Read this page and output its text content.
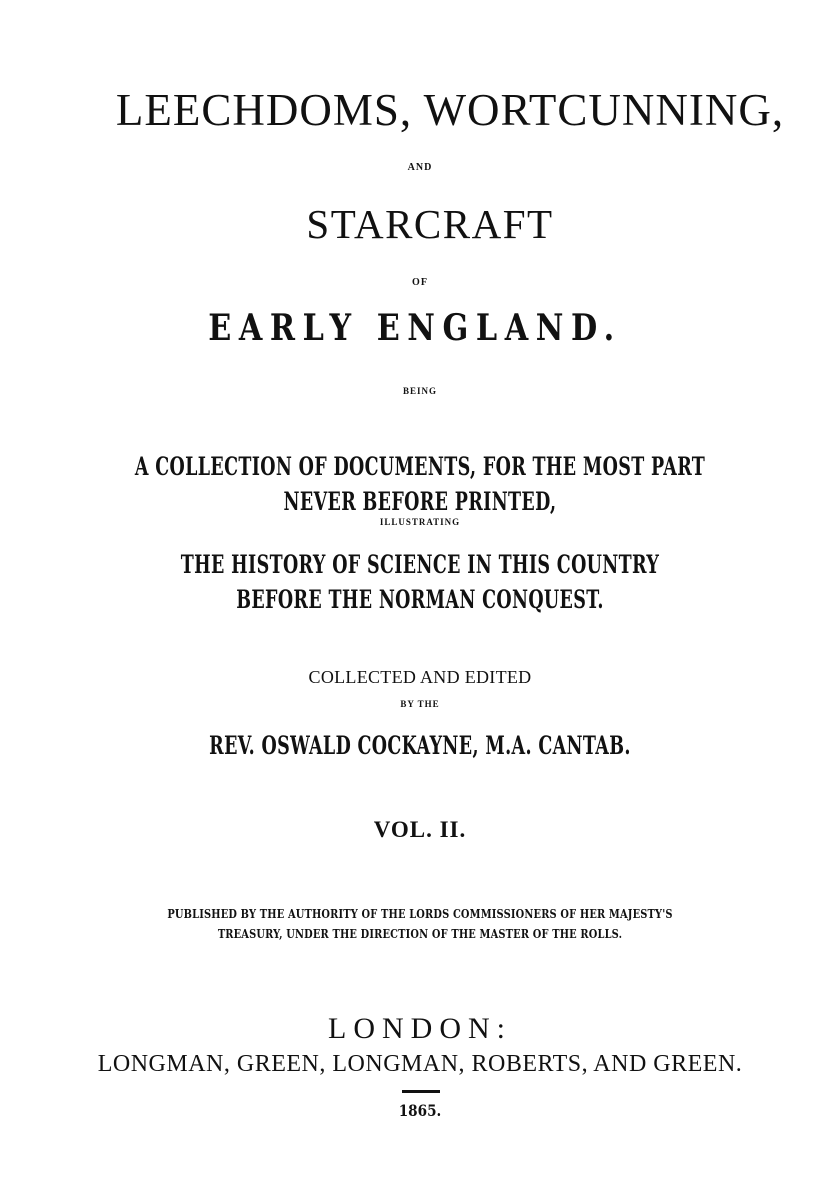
LEECHDOMS, WORTCUNNING,
AND
STARCRAFT
OF
EARLY ENGLAND.
BEING
A COLLECTION OF DOCUMENTS, FOR THE MOST PART
NEVER BEFORE PRINTED,
ILLUSTRATING
THE HISTORY OF SCIENCE IN THIS COUNTRY
BEFORE THE NORMAN CONQUEST.
COLLECTED AND EDITED
BY THE
REV. OSWALD COCKAYNE, M.A. CANTAB.
VOL. II.
PUBLISHED BY THE AUTHORITY OF THE LORDS COMMISSIONERS OF HER MAJESTY'S
TREASURY, UNDER THE DIRECTION OF THE MASTER OF THE ROLLS.
LONDON:
LONGMAN, GREEN, LONGMAN, ROBERTS, AND GREEN.
1865.
